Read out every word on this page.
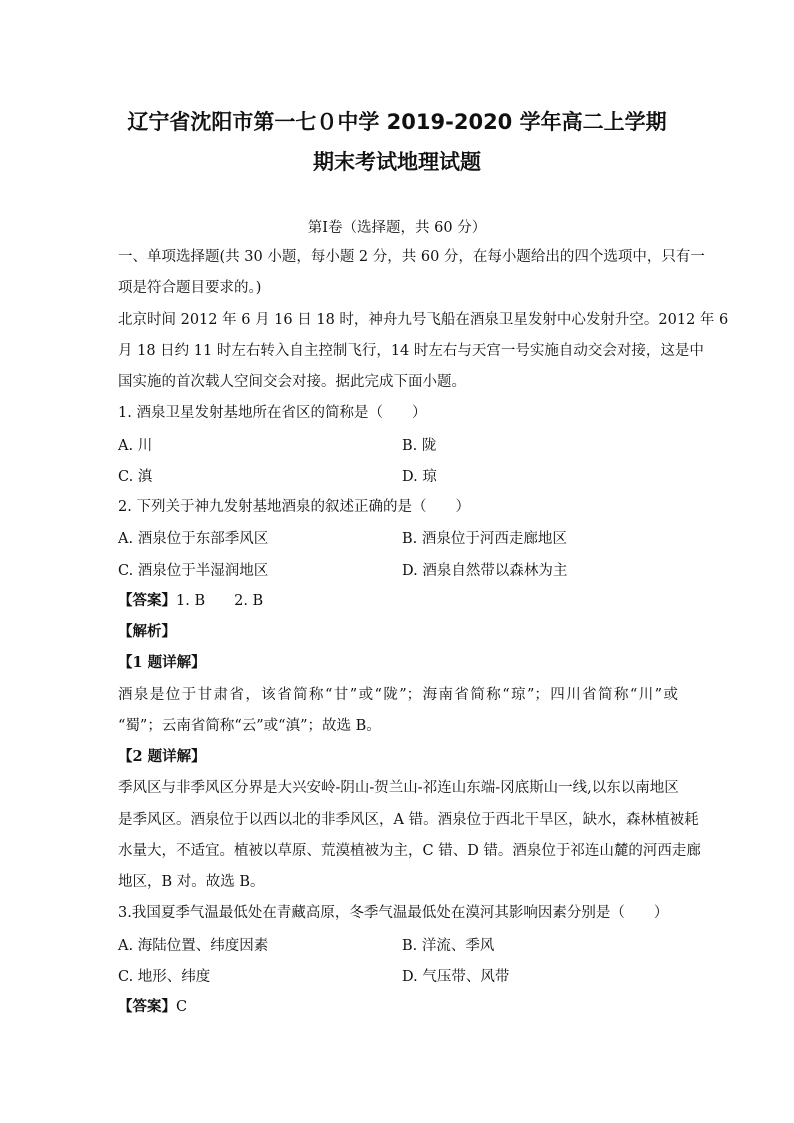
辽宁省沈阳市第一七０中学 2019-2020 学年高二上学期
期末考试地理试题
第Ⅰ卷（选择题，共 60 分）
一、单项选择题(共 30 小题，每小题 2 分，共 60 分，在每小题给出的四个选项中，只有一
项是符合题目要求的。)
北京时间 2012 年 6 月 16 日 18 时，神舟九号飞船在酒泉卫星发射中心发射升空。2012 年 6
月 18 日约 11 时左右转入自主控制飞行，14 时左右与天宫一号实施自动交会对接，这是中
国实施的首次载人空间交会对接。据此完成下面小题。
1. 酒泉卫星发射基地所在省区的简称是（　　）
A. 川	B. 陇
C. 滇	D. 琼
2. 下列关于神九发射基地酒泉的叙述正确的是（　　）
A. 酒泉位于东部季风区	B. 酒泉位于河西走廊地区
C. 酒泉位于半湿润地区	D. 酒泉自然带以森林为主
【答案】1. B　　2. B
【解析】
【1 题详解】
酒泉是位于甘肃省，该省简称“甘”或“陇”；海南省简称“琼”；四川省简称“川”或
“蜀”；云南省简称“云”或“滇”；故选 B。
【2 题详解】
季风区与非季风区分界是大兴安岭-阴山-贺兰山-祁连山东端-冈底斯山一线,以东以南地区
是季风区。酒泉位于以西以北的非季风区，A 错。酒泉位于西北干旱区，缺水，森林植被耗
水量大，不适宜。植被以草原、荒漠植被为主，C 错、D 错。酒泉位于祁连山麓的河西走廊
地区，B 对。故选 B。
3.我国夏季气温最低处在青藏高原，冬季气温最低处在漠河其影响因素分别是（　　）
A. 海陆位置、纬度因素	B. 洋流、季风
C. 地形、纬度	D. 气压带、风带
【答案】C
